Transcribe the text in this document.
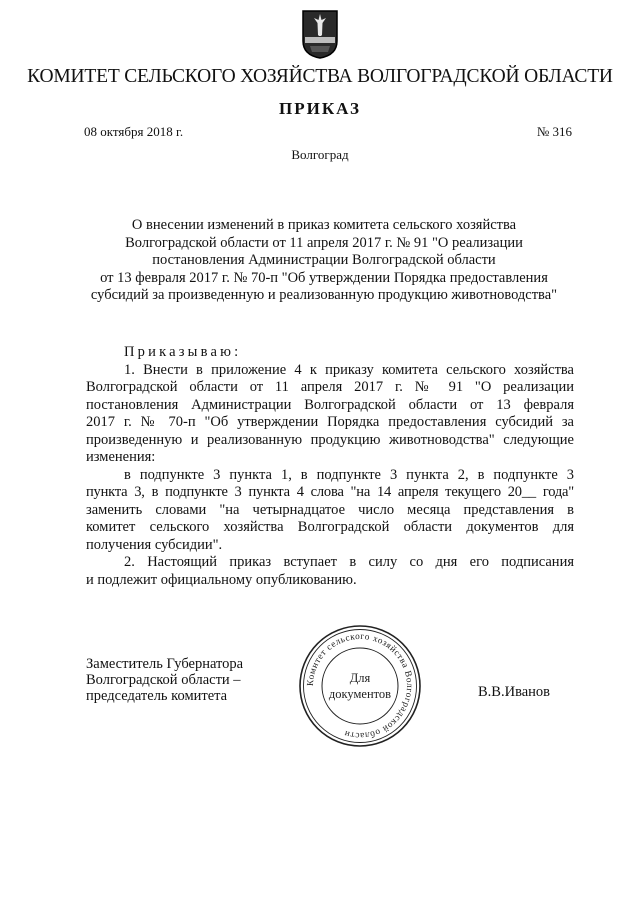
КОМИТЕТ СЕЛЬСКОГО ХОЗЯЙСТВА ВОЛГОГРАДСКОЙ ОБЛАСТИ
ПРИКАЗ
08 октября 2018 г.	№ 316
Волгоград
О внесении изменений в приказ комитета сельского хозяйства
Волгоградской области от 11 апреля 2017 г. № 91 "О реализации
постановления Администрации Волгоградской области
от 13 февраля 2017 г. № 70-п "Об утверждении Порядка предоставления
субсидий за произведенную и реализованную продукцию животноводства"
Приказываю:
1. Внести в приложение 4 к приказу комитета сельского хозяйства
Волгоградской области от 11 апреля 2017 г. № 91 "О реализации
постановления Администрации Волгоградской области от 13 февраля
2017 г. № 70-п "Об утверждении Порядка предоставления субсидий за
произведенную и реализованную продукцию животноводства" следующие
изменения:
в подпункте 3 пункта 1, в подпункте 3 пункта 2, в подпункте 3
пункта 3, в подпункте 3 пункта 4 слова "на 14 апреля текущего 20__ года"
заменить словами "на четырнадцатое число месяца представления в
комитет сельского хозяйства Волгоградской области документов для
получения субсидии".
2. Настоящий приказ вступает в силу со дня его подписания
и подлежит официальному опубликованию.
Заместитель Губернатора
Волгоградской области –
председатель комитета	В.В.Иванов
Комитет сельского хозяйства Волгоградской области
Для
документов
